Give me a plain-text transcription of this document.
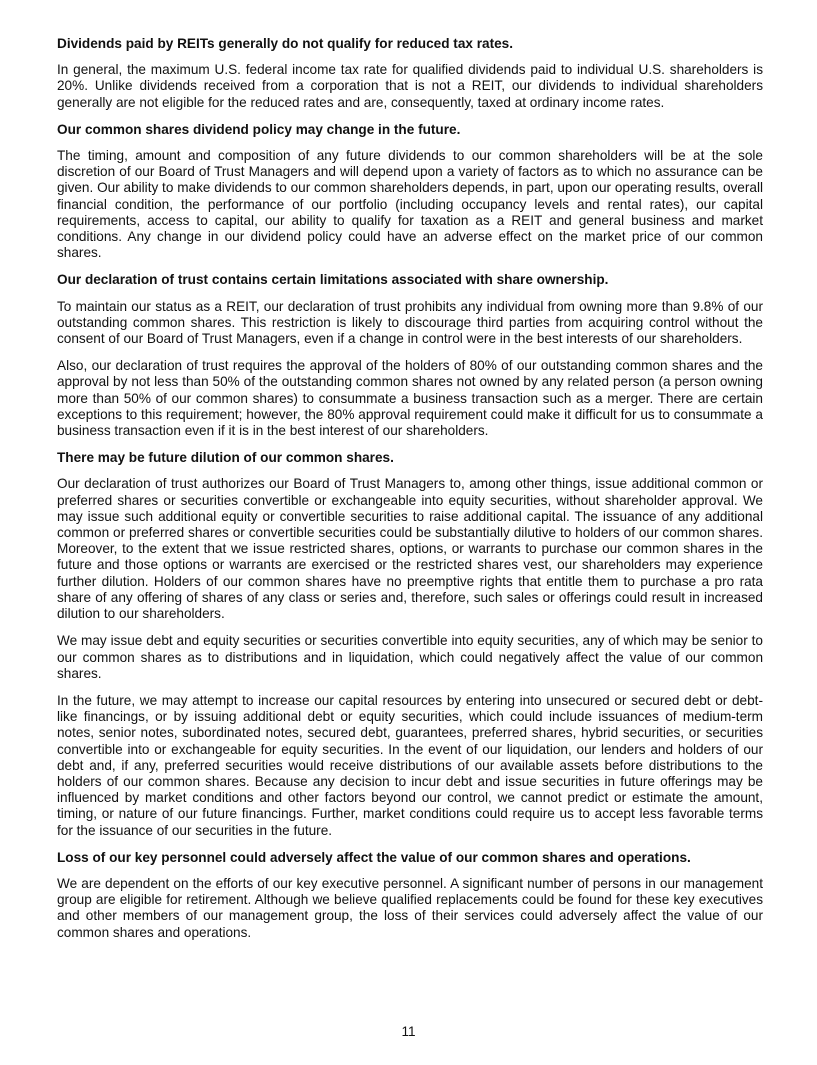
Dividends paid by REITs generally do not qualify for reduced tax rates.

In general, the maximum U.S. federal income tax rate for qualified dividends paid to individual U.S. shareholders is 20%. Unlike dividends received from a corporation that is not a REIT, our dividends to individual shareholders generally are not eligible for the reduced rates and are, consequently, taxed at ordinary income rates.

Our common shares dividend policy may change in the future.

The timing, amount and composition of any future dividends to our common shareholders will be at the sole discretion of our Board of Trust Managers and will depend upon a variety of factors as to which no assurance can be given. Our ability to make dividends to our common shareholders depends, in part, upon our operating results, overall financial condition, the performance of our portfolio (including occupancy levels and rental rates), our capital requirements, access to capital, our ability to qualify for taxation as a REIT and general business and market conditions. Any change in our dividend policy could have an adverse effect on the market price of our common shares.

Our declaration of trust contains certain limitations associated with share ownership.

To maintain our status as a REIT, our declaration of trust prohibits any individual from owning more than 9.8% of our outstanding common shares. This restriction is likely to discourage third parties from acquiring control without the consent of our Board of Trust Managers, even if a change in control were in the best interests of our shareholders.

Also, our declaration of trust requires the approval of the holders of 80% of our outstanding common shares and the approval by not less than 50% of the outstanding common shares not owned by any related person (a person owning more than 50% of our common shares) to consummate a business transaction such as a merger. There are certain exceptions to this requirement; however, the 80% approval requirement could make it difficult for us to consummate a business transaction even if it is in the best interest of our shareholders.

There may be future dilution of our common shares.

Our declaration of trust authorizes our Board of Trust Managers to, among other things, issue additional common or preferred shares or securities convertible or exchangeable into equity securities, without shareholder approval. We may issue such additional equity or convertible securities to raise additional capital. The issuance of any additional common or preferred shares or convertible securities could be substantially dilutive to holders of our common shares. Moreover, to the extent that we issue restricted shares, options, or warrants to purchase our common shares in the future and those options or warrants are exercised or the restricted shares vest, our shareholders may experience further dilution. Holders of our common shares have no preemptive rights that entitle them to purchase a pro rata share of any offering of shares of any class or series and, therefore, such sales or offerings could result in increased dilution to our shareholders.

We may issue debt and equity securities or securities convertible into equity securities, any of which may be senior to our common shares as to distributions and in liquidation, which could negatively affect the value of our common shares.

In the future, we may attempt to increase our capital resources by entering into unsecured or secured debt or debt-like financings, or by issuing additional debt or equity securities, which could include issuances of medium-term notes, senior notes, subordinated notes, secured debt, guarantees, preferred shares, hybrid securities, or securities convertible into or exchangeable for equity securities. In the event of our liquidation, our lenders and holders of our debt and, if any, preferred securities would receive distributions of our available assets before distributions to the holders of our common shares. Because any decision to incur debt and issue securities in future offerings may be influenced by market conditions and other factors beyond our control, we cannot predict or estimate the amount, timing, or nature of our future financings. Further, market conditions could require us to accept less favorable terms for the issuance of our securities in the future.

Loss of our key personnel could adversely affect the value of our common shares and operations.

We are dependent on the efforts of our key executive personnel. A significant number of persons in our management group are eligible for retirement. Although we believe qualified replacements could be found for these key executives and other members of our management group, the loss of their services could adversely affect the value of our common shares and operations.

11
